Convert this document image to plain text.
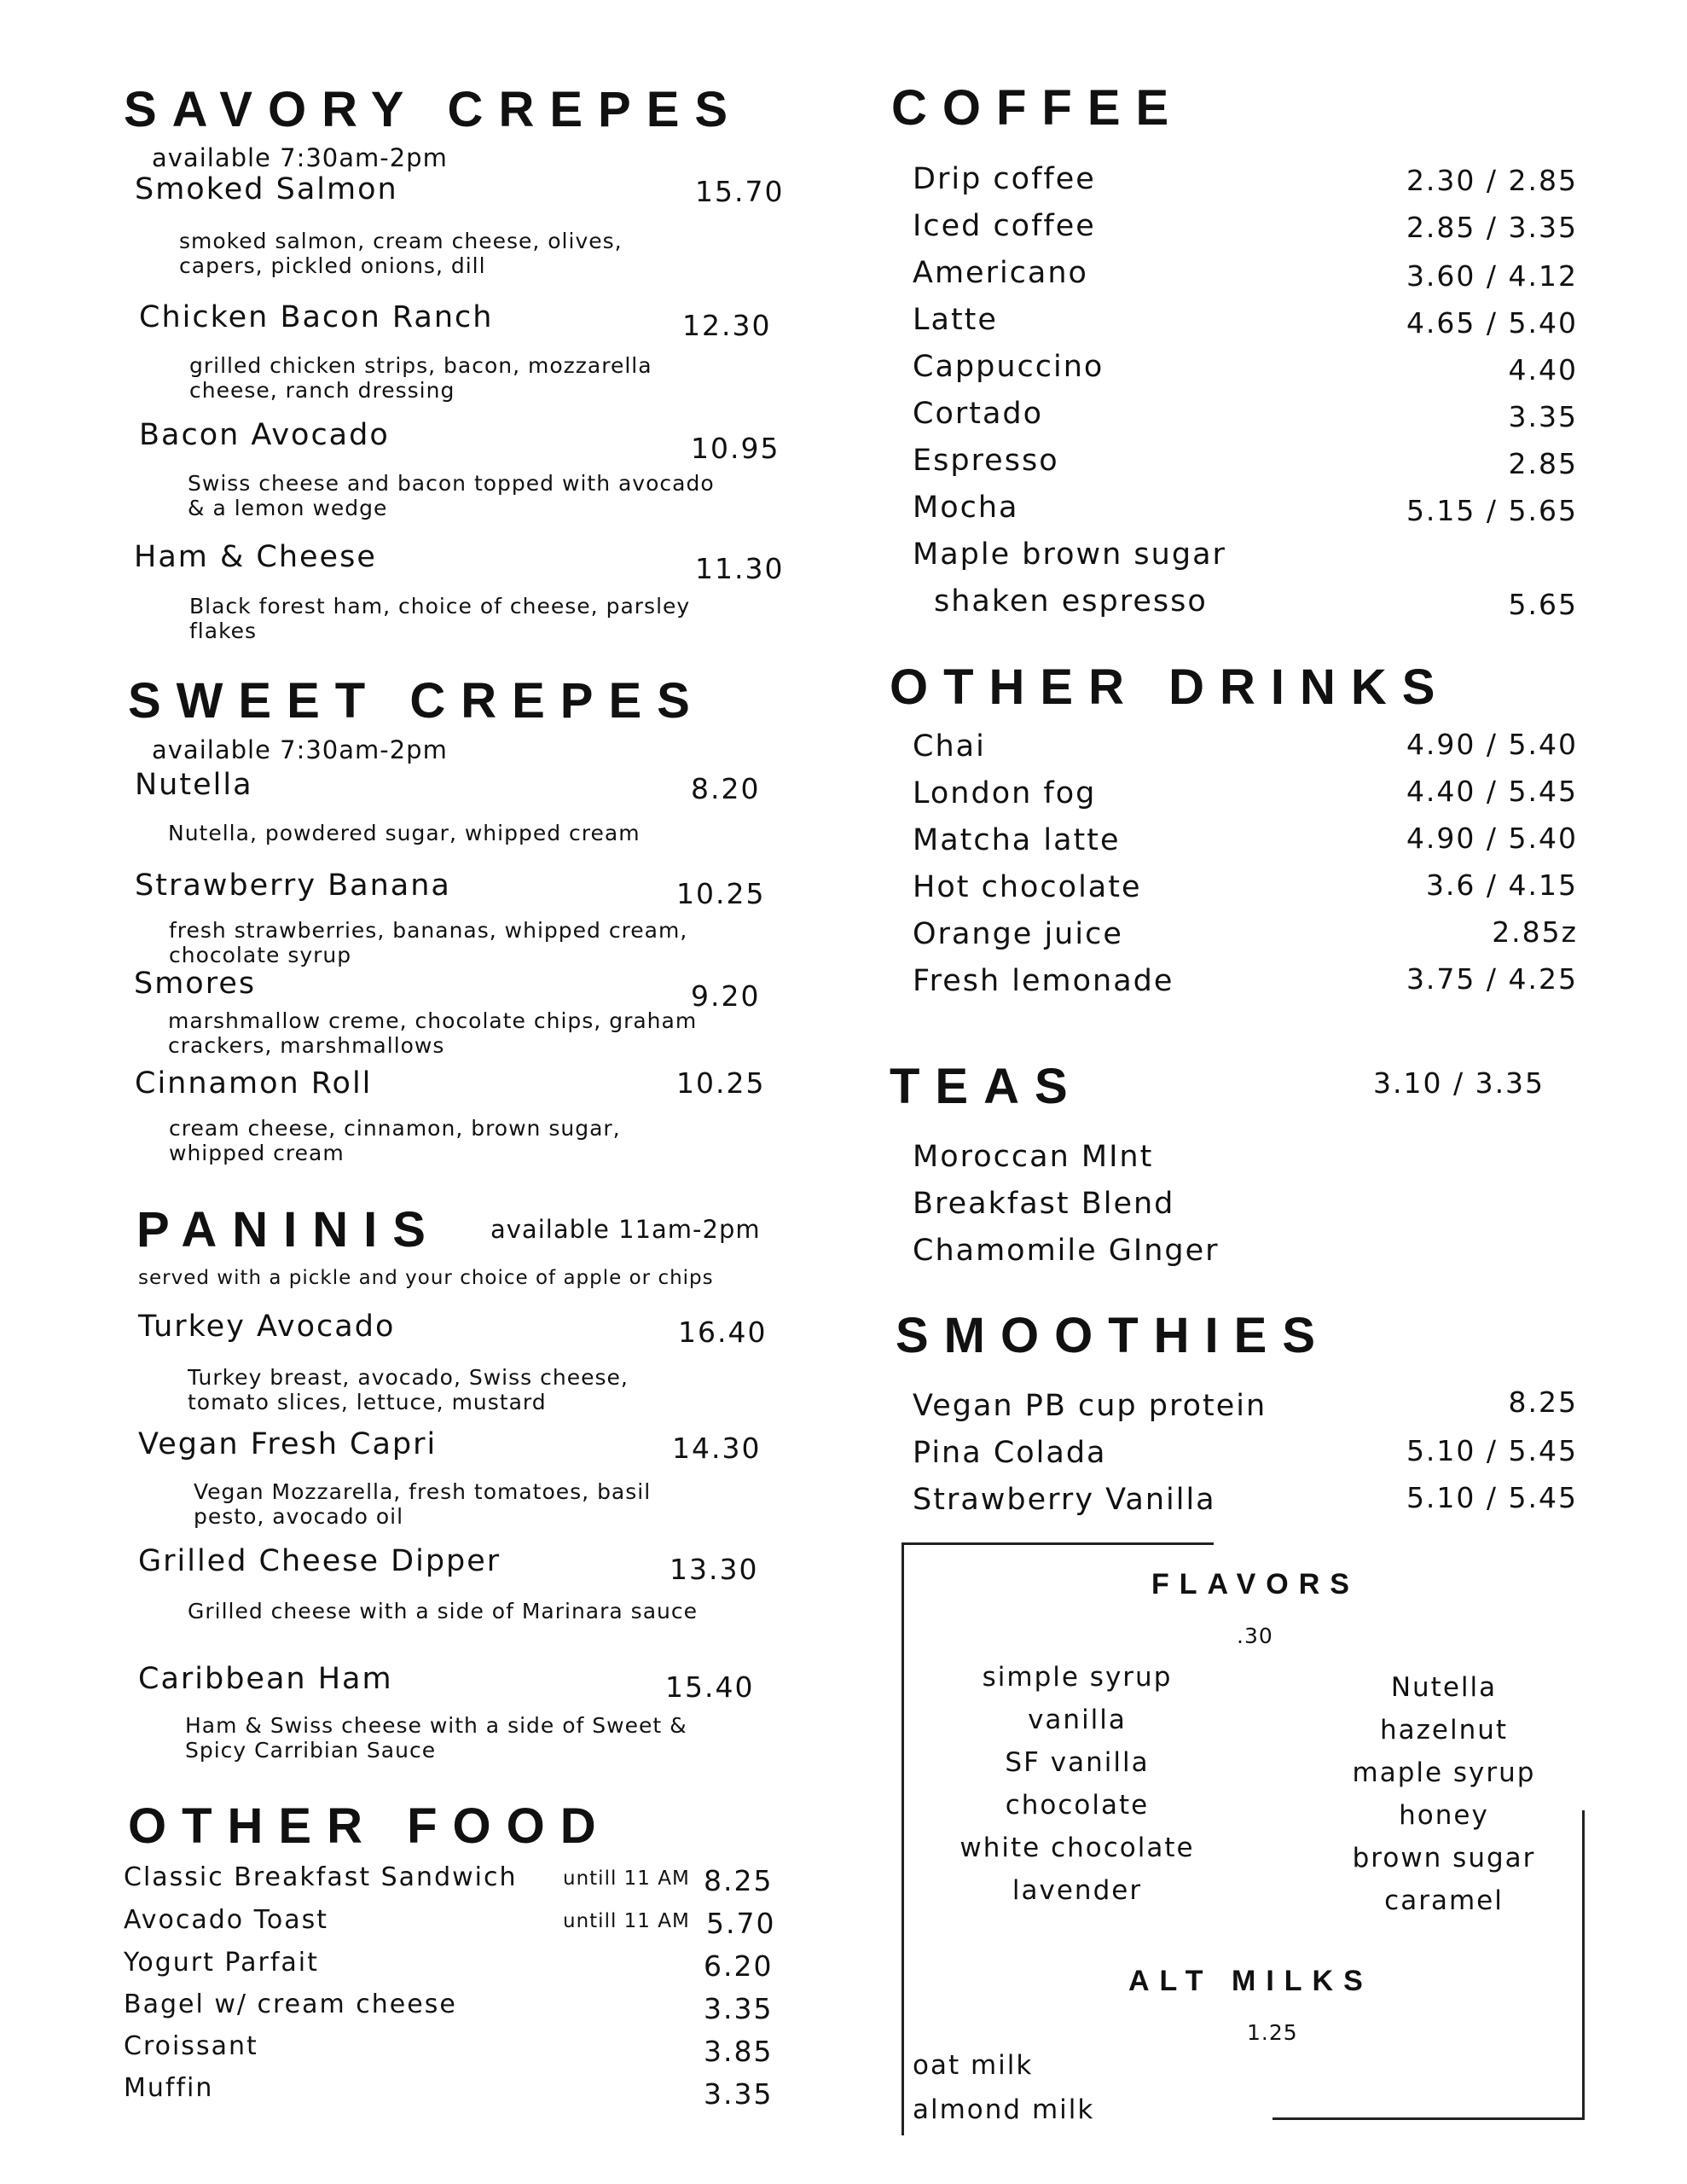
SAVORY CREPES
available 7:30am-2pm
Smoked Salmon	15.70
smoked salmon, cream cheese, olives, capers, pickled onions, dill
Chicken Bacon Ranch	12.30
grilled chicken strips, bacon, mozzarella cheese, ranch dressing
Bacon Avocado	10.95
Swiss cheese and bacon topped with avocado & a lemon wedge
Ham & Cheese	11.30
Black forest ham, choice of cheese, parsley flakes
SWEET CREPES
available 7:30am-2pm
Nutella	8.20
Nutella, powdered sugar, whipped cream
Strawberry Banana	10.25
fresh strawberries, bananas, whipped cream, chocolate syrup
Smores	9.20
marshmallow creme, chocolate chips, graham crackers, marshmallows
Cinnamon Roll	10.25
cream cheese, cinnamon, brown sugar, whipped cream
PANINIS available 11am-2pm
served with a pickle and your choice of apple or chips
Turkey Avocado	16.40
Turkey breast, avocado, Swiss cheese, tomato slices, lettuce, mustard
Vegan Fresh Capri	14.30
Vegan Mozzarella, fresh tomatoes, basil pesto, avocado oil
Grilled Cheese Dipper	13.30
Grilled cheese with a side of Marinara sauce
Caribbean Ham	15.40
Ham & Swiss cheese with a side of Sweet & Spicy Carribian Sauce
OTHER FOOD
Classic Breakfast Sandwich untill 11 AM 8.25
Avocado Toast	untill 11 AM 5.70
Yogurt Parfait	6.20
Bagel w/ cream cheese	3.35
Croissant	3.85
Muffin	3.35
COFFEE
Drip coffee	2.30 / 2.85
Iced coffee	2.85 / 3.35
Americano	3.60 / 4.12
Latte	4.65 / 5.40
Cappuccino	4.40
Cortado	3.35
Espresso	2.85
Mocha	5.15 / 5.65
Maple brown sugar
shaken espresso	5.65
OTHER DRINKS
Chai	4.90 / 5.40
London fog	4.40 / 5.45
Matcha latte	4.90 / 5.40
Hot chocolate	3.6 / 4.15
Orange juice	2.85z
Fresh lemonade	3.75 / 4.25
TEAS	3.10 / 3.35
Moroccan MInt
Breakfast Blend
Chamomile GInger
SMOOTHIES
Vegan PB cup protein	8.25
Pina Colada	5.10 / 5.45
Strawberry Vanilla	5.10 / 5.45
FLAVORS
.30
simple syrup
vanilla
SF vanilla
chocolate
white chocolate
lavender
Nutella
hazelnut
maple syrup
honey
brown sugar
caramel
ALT MILKS
1.25
oat milk
almond milk
